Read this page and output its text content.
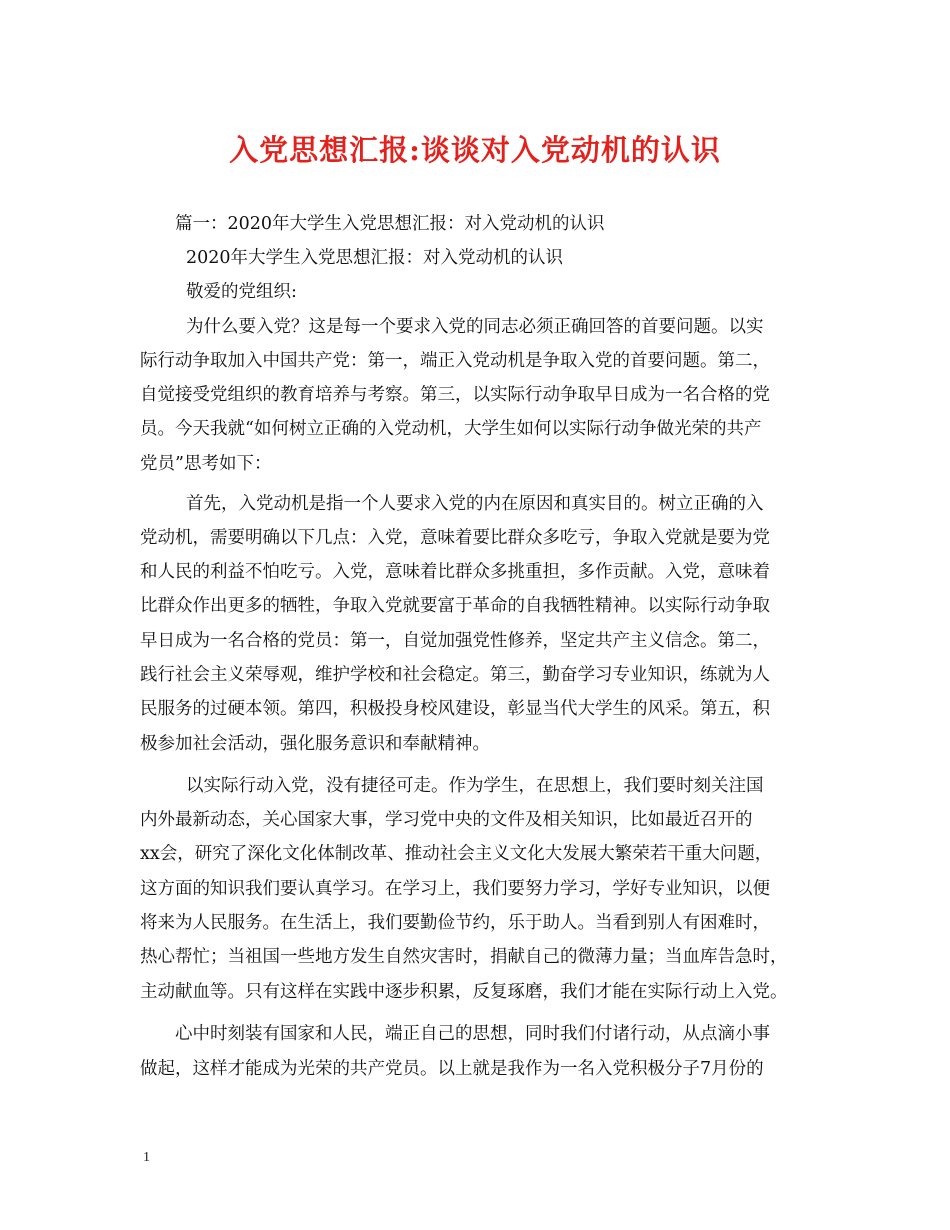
入党思想汇报:谈谈对入党动机的认识
篇一：2020年大学生入党思想汇报：对入党动机的认识
2020年大学生入党思想汇报：对入党动机的认识
敬爱的党组织:
为什么要入党？这是每一个要求入党的同志必须正确回答的首要问题。以实
际行动争取加入中国共产党：第一，端正入党动机是争取入党的首要问题。第二，
自觉接受党组织的教育培养与考察。第三，以实际行动争取早日成为一名合格的党
员。今天我就“如何树立正确的入党动机，大学生如何以实际行动争做光荣的共产
党员”思考如下：
首先，入党动机是指一个人要求入党的内在原因和真实目的。树立正确的入
党动机，需要明确以下几点：入党，意味着要比群众多吃亏，争取入党就是要为党
和人民的利益不怕吃亏。入党，意味着比群众多挑重担，多作贡献。入党，意味着
比群众作出更多的牺牲，争取入党就要富于革命的自我牺牲精神。以实际行动争取
早日成为一名合格的党员：第一，自觉加强党性修养，坚定共产主义信念。第二，
践行社会主义荣辱观，维护学校和社会稳定。第三，勤奋学习专业知识，练就为人
民服务的过硬本领。第四，积极投身校风建设，彰显当代大学生的风采。第五，积
极参加社会活动，强化服务意识和奉献精神。
以实际行动入党，没有捷径可走。作为学生，在思想上，我们要时刻关注国
内外最新动态，关心国家大事，学习党中央的文件及相关知识，比如最近召开的
xx会，研究了深化文化体制改革、推动社会主义文化大发展大繁荣若干重大问题，
这方面的知识我们要认真学习。在学习上，我们要努力学习，学好专业知识，以便
将来为人民服务。在生活上，我们要勤俭节约，乐于助人。当看到别人有困难时，
热心帮忙；当祖国一些地方发生自然灾害时，捐献自己的微薄力量；当血库告急时，
主动献血等。只有这样在实践中逐步积累，反复琢磨，我们才能在实际行动上入党。
心中时刻装有国家和人民，端正自己的思想，同时我们付诸行动，从点滴小事
做起，这样才能成为光荣的共产党员。以上就是我作为一名入党积极分子7月份的
1
